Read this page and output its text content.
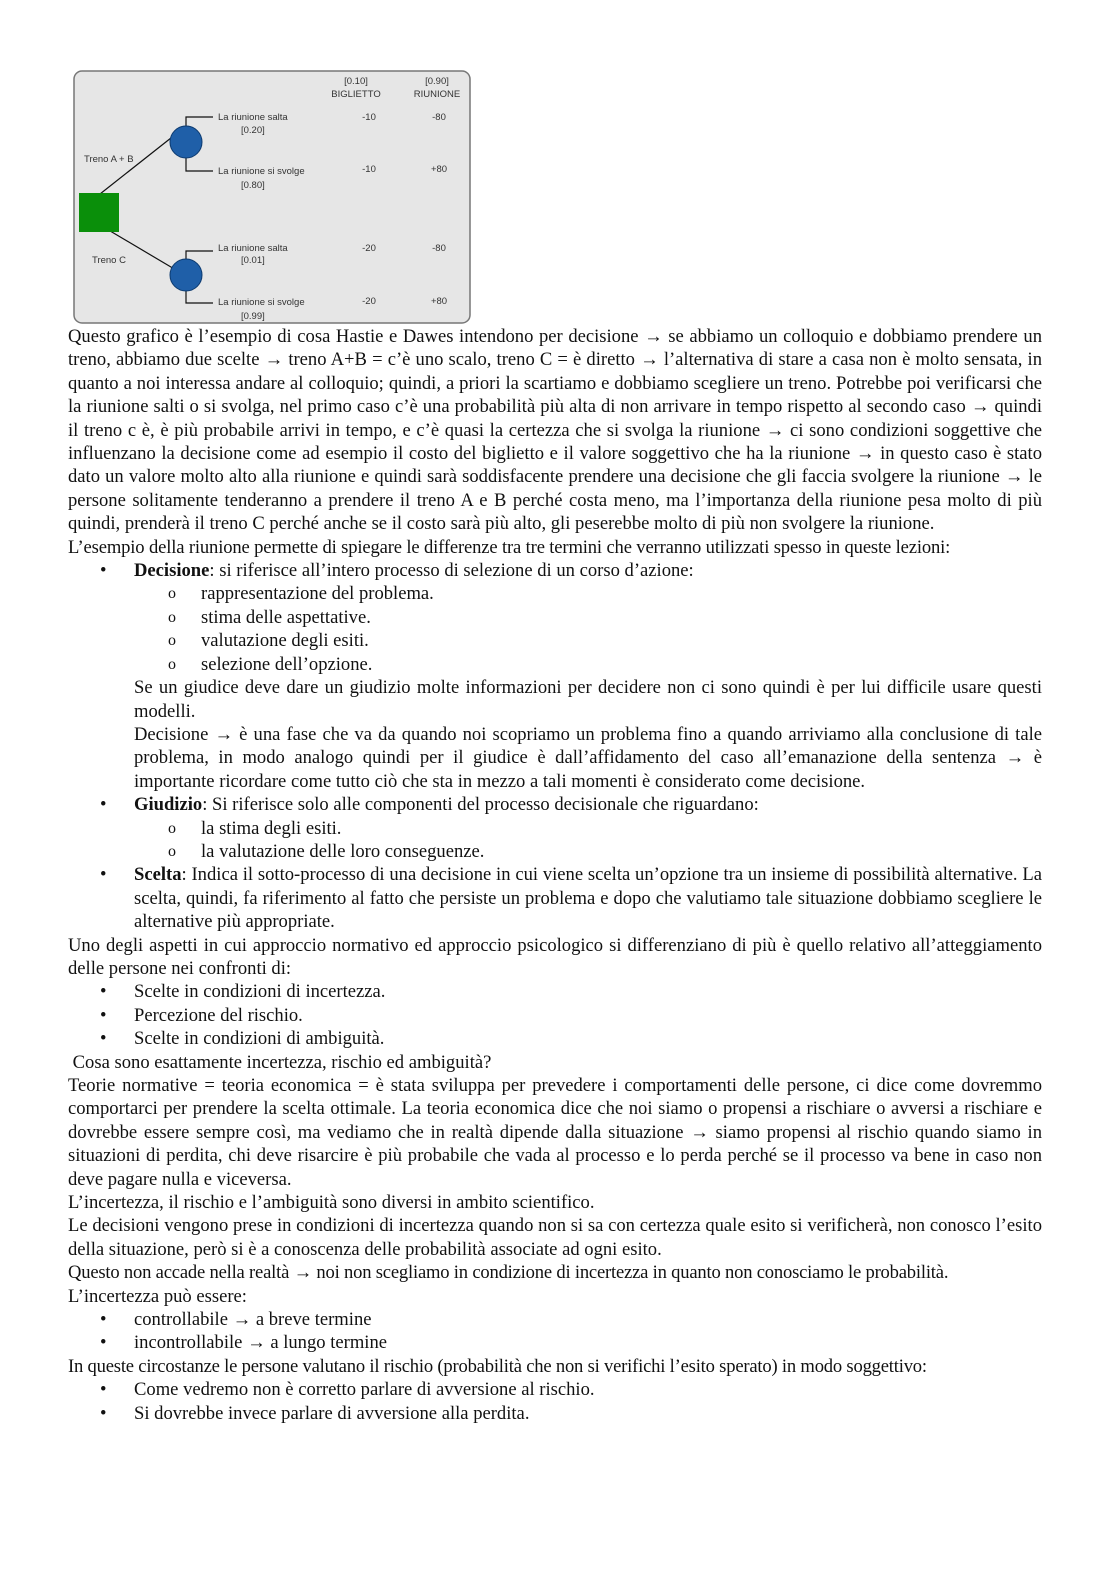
[0.10]
BIGLIETTO
[0.90]
RIUNIONE
Treno A + B
Treno C
La riunione salta
[0.20]
La riunione si svolge
[0.80]
La riunione salta
[0.01]
La riunione si svolge
[0.99]
-10	-80
-10	+80
-20	-80
-20	+80

Questo grafico è l’esempio di cosa Hastie e Dawes intendono per decisione → se abbiamo un colloquio e dobbiamo prendere un treno, abbiamo due scelte → treno A+B = c’è uno scalo, treno C = è diretto → l’alternativa di stare a casa non è molto sensata, in quanto a noi interessa andare al colloquio; quindi, a priori la scartiamo e dobbiamo scegliere un treno. Potrebbe poi verificarsi che la riunione salti o si svolga, nel primo caso c’è una probabilità più alta di non arrivare in tempo rispetto al secondo caso → quindi il treno c è, è più probabile arrivi in tempo, e c’è quasi la certezza che si svolga la riunione → ci sono condizioni soggettive che influenzano la decisione come ad esempio il costo del biglietto e il valore soggettivo che ha la riunione → in questo caso è stato dato un valore molto alto alla riunione e quindi sarà soddisfacente prendere una decisione che gli faccia svolgere la riunione → le persone solitamente tenderanno a prendere il treno A e B perché costa meno, ma l’importanza della riunione pesa molto di più quindi, prenderà il treno C perché anche se il costo sarà più alto, gli peserebbe molto di più non svolgere la riunione.

L’esempio della riunione permette di spiegare le differenze tra tre termini che verranno utilizzati spesso in queste lezioni:

• Decisione: si riferisce all’intero processo di selezione di un corso d’azione:
o rappresentazione del problema.
o stima delle aspettative.
o valutazione degli esiti.
o selezione dell’opzione.

Se un giudice deve dare un giudizio molte informazioni per decidere non ci sono quindi è per lui difficile usare questi modelli.

Decisione → è una fase che va da quando noi scopriamo un problema fino a quando arriviamo alla conclusione di tale problema, in modo analogo quindi per il giudice è dall’affidamento del caso all’emanazione della sentenza → è importante ricordare come tutto ciò che sta in mezzo a tali momenti è considerato come decisione.

• Giudizio: Si riferisce solo alle componenti del processo decisionale che riguardano:
o la stima degli esiti.
o la valutazione delle loro conseguenze.
• Scelta: Indica il sotto-processo di una decisione in cui viene scelta un’opzione tra un insieme di possibilità alternative. La scelta, quindi, fa riferimento al fatto che persiste un problema e dopo che valutiamo tale situazione dobbiamo scegliere le alternative più appropriate.

Uno degli aspetti in cui approccio normativo ed approccio psicologico si differenziano di più è quello relativo all’atteggiamento delle persone nei confronti di:

• Scelte in condizioni di incertezza.
• Percezione del rischio.
• Scelte in condizioni di ambiguità.

Cosa sono esattamente incertezza, rischio ed ambiguità?

Teorie normative = teoria economica = è stata sviluppa per prevedere i comportamenti delle persone, ci dice come dovremmo comportarci per prendere la scelta ottimale. La teoria economica dice che noi siamo o propensi a rischiare o avversi a rischiare e dovrebbe essere sempre così, ma vediamo che in realtà dipende dalla situazione → siamo propensi al rischio quando siamo in situazioni di perdita, chi deve risarcire è più probabile che vada al processo e lo perda perché se il processo va bene in caso non deve pagare nulla e viceversa.

L’incertezza, il rischio e l’ambiguità sono diversi in ambito scientifico.

Le decisioni vengono prese in condizioni di incertezza quando non si sa con certezza quale esito si verificherà, non conosco l’esito della situazione, però si è a conoscenza delle probabilità associate ad ogni esito.

Questo non accade nella realtà → noi non scegliamo in condizione di incertezza in quanto non conosciamo le probabilità.

L’incertezza può essere:

• controllabile → a breve termine
• incontrollabile → a lungo termine

In queste circostanze le persone valutano il rischio (probabilità che non si verifichi l’esito sperato) in modo soggettivo:

• Come vedremo non è corretto parlare di avversione al rischio.
• Si dovrebbe invece parlare di avversione alla perdita.
